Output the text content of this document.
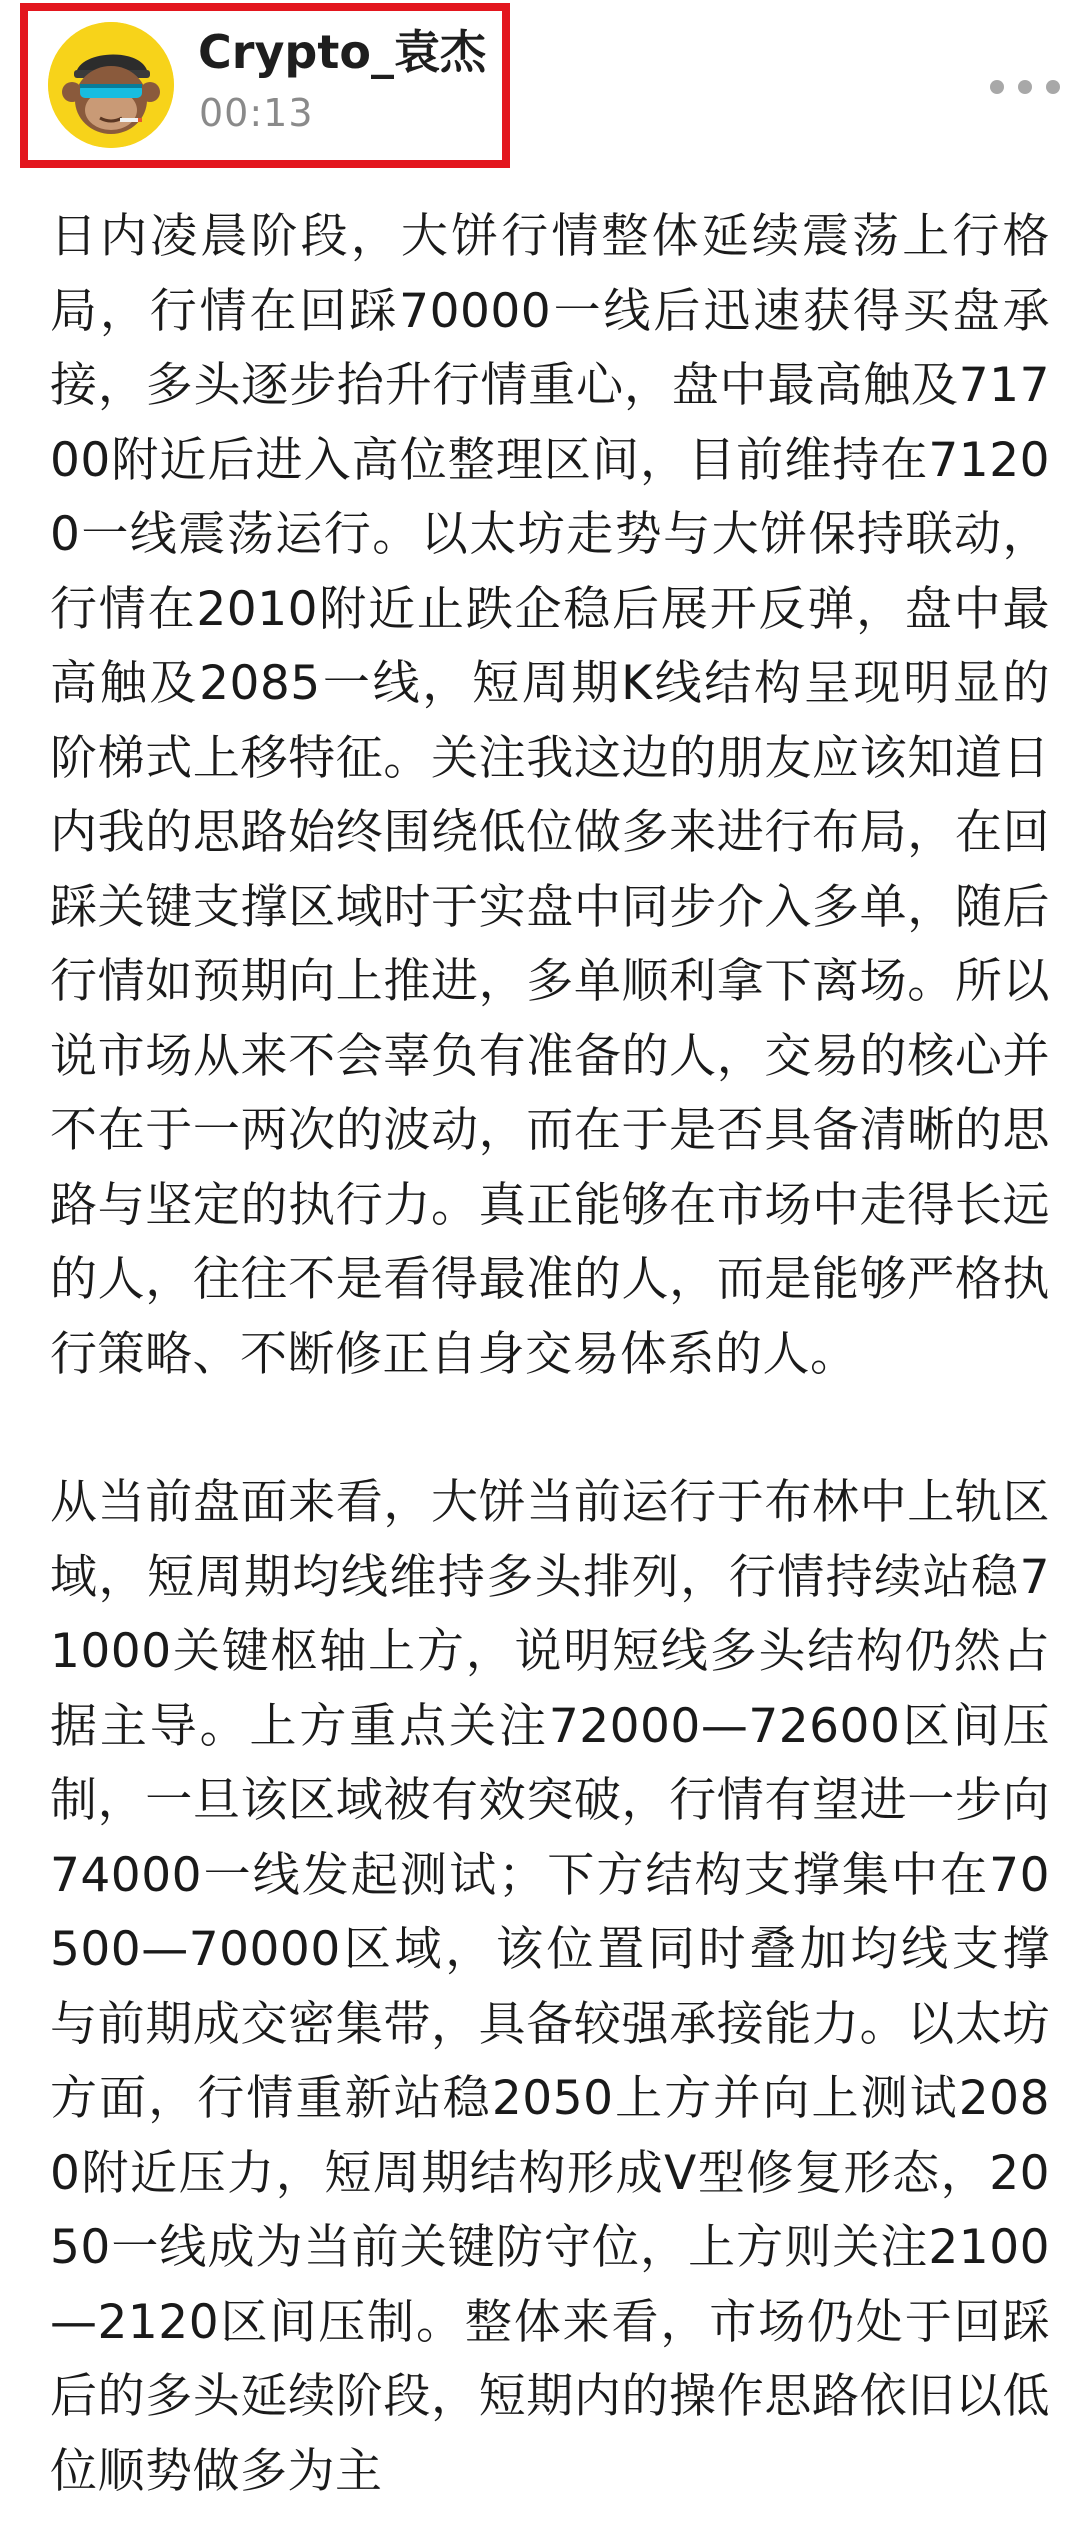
Crypto_袁杰
00:13

日内凌晨阶段，大饼行情整体延续震荡上行格局，行情在回踩70000一线后迅速获得买盘承接，多头逐步抬升行情重心，盘中最高触及71700附近后进入高位整理区间，目前维持在71200一线震荡运行。以太坊走势与大饼保持联动，行情在2010附近止跌企稳后展开反弹，盘中最高触及2085一线，短周期K线结构呈现明显的阶梯式上移特征。关注我这边的朋友应该知道日内我的思路始终围绕低位做多来进行布局，在回踩关键支撑区域时于实盘中同步介入多单，随后行情如预期向上推进，多单顺利拿下离场。所以说市场从来不会辜负有准备的人，交易的核心并不在于一两次的波动，而在于是否具备清晰的思路与坚定的执行力。真正能够在市场中走得长远的人，往往不是看得最准的人，而是能够严格执行策略、不断修正自身交易体系的人。

从当前盘面来看，大饼当前运行于布林中上轨区域，短周期均线维持多头排列，行情持续站稳71000关键枢轴上方，说明短线多头结构仍然占据主导。上方重点关注72000—72600区间压制，一旦该区域被有效突破，行情有望进一步向74000一线发起测试；下方结构支撑集中在70500—70000区域，该位置同时叠加均线支撑与前期成交密集带，具备较强承接能力。以太坊方面，行情重新站稳2050上方并向上测试2080附近压力，短周期结构形成V型修复形态，2050一线成为当前关键防守位，上方则关注2100—2120区间压制。整体来看，市场仍处于回踩后的多头延续阶段，短期内的操作思路依旧以低位顺势做多为主
